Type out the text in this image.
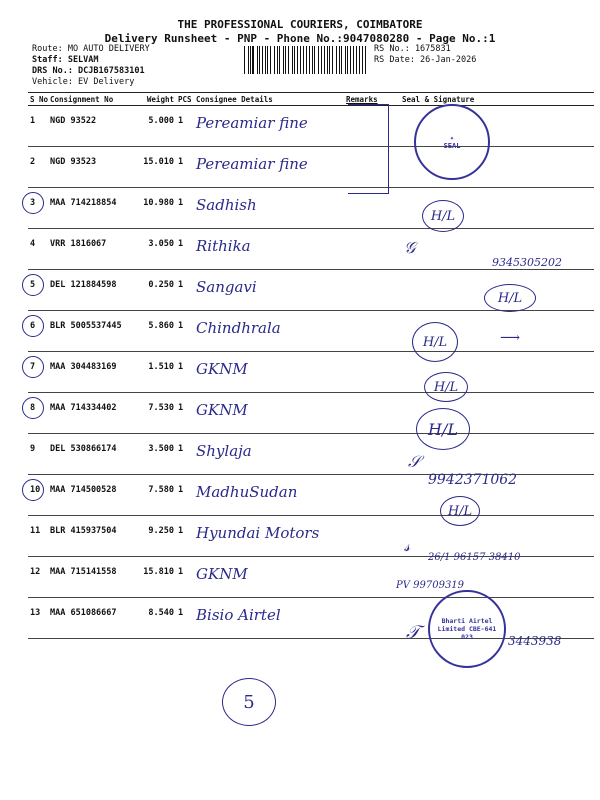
THE PROFESSIONAL COURIERS, COIMBATORE
Delivery Runsheet - PNP - Phone No.:9047080280 - Page No.:1
Route: MO AUTO DELIVERY
Staff: SELVAM
DRS No.: DCJB167583101
Vehicle: EV Delivery
RS No.: 1675831
RS Date: 26-Jan-2026
S No Consignment No	Weight PCS Consignee Details	Remarks	Seal & Signature
1	NGD 93522	5.000 1 Pereamiar fine
2	NGD 93523	15.010 1 Pereamiar fine
3	MAA 714218854	10.980 1 Sadhish
4	VRR 1816067	3.050 1 Rithika
5	DEL 121884598	0.250 1 Sangavi
6	BLR 5005537445	5.860 1 Chindhrala
7	MAA 304483169	1.510 1 GKNM
8	MAA 714334402	7.530 1 GKNM
9	DEL 530866174	3.500 1 Shylaja
10	MAA 714500528	7.580 1 MadhuSudan
11	BLR 415937504	9.250 1 Hyundai Motors
12	MAA 715141558	15.810 1 GKNM
13	MAA 651086667	8.540 1 Bisio Airtel
✦
SEAL
H/L
9345305202
𝒢
H/L
H/L	⟶
H/L
H/L
9942371062
𝒮
H/L
26/1 96157 38410
𝓈
PV 99709319
Bharti Airtel Limited CBE-641 023	3443938
𝒯
5
